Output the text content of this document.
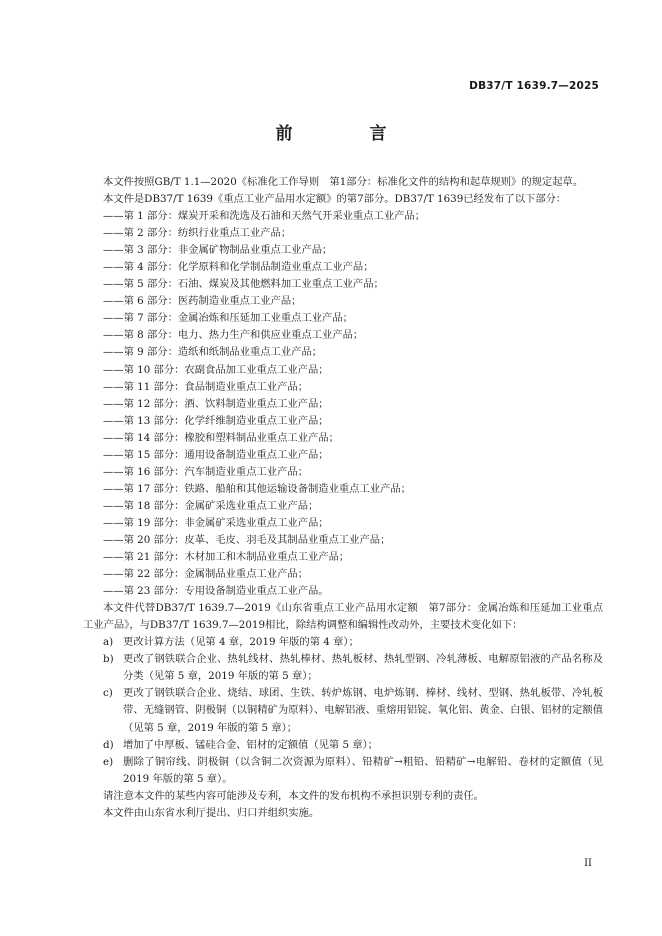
DB37/T 1639.7—2025
前　言

本文件按照GB/T 1.1—2020《标准化工作导则　第1部分：标准化文件的结构和起草规则》的规定起草。

本文件是DB37/T 1639《重点工业产品用水定额》的第7部分。DB37/T 1639已经发布了以下部分：

——第 1 部分：煤炭开采和洗选及石油和天然气开采业重点工业产品；

——第 2 部分：纺织行业重点工业产品；

——第 3 部分：非金属矿物制品业重点工业产品；

——第 4 部分：化学原料和化学制品制造业重点工业产品；

——第 5 部分：石油、煤炭及其他燃料加工业重点工业产品；

——第 6 部分：医药制造业重点工业产品；

——第 7 部分：金属冶炼和压延加工业重点工业产品；

——第 8 部分：电力、热力生产和供应业重点工业产品；

——第 9 部分：造纸和纸制品业重点工业产品；

——第 10 部分：农副食品加工业重点工业产品；

——第 11 部分：食品制造业重点工业产品；

——第 12 部分：酒、饮料制造业重点工业产品；

——第 13 部分：化学纤维制造业重点工业产品；

——第 14 部分：橡胶和塑料制品业重点工业产品；

——第 15 部分：通用设备制造业重点工业产品；

——第 16 部分：汽车制造业重点工业产品；

——第 17 部分：铁路、船舶和其他运输设备制造业重点工业产品；

——第 18 部分：金属矿采选业重点工业产品；

——第 19 部分：非金属矿采选业重点工业产品；

——第 20 部分：皮革、毛皮、羽毛及其制品业重点工业产品；

——第 21 部分：木材加工和木制品业重点工业产品；

——第 22 部分：金属制品业重点工业产品；

——第 23 部分：专用设备制造业重点工业产品。

本文件代替DB37/T 1639.7—2019《山东省重点工业产品用水定额　第7部分：金属冶炼和压延加工业重点工业产品》，与DB37/T 1639.7—2019相比，除结构调整和编辑性改动外，主要技术变化如下：

a) 更改计算方法（见第 4 章，2019 年版的第 4 章）；
b) 更改了钢铁联合企业、热轧线材、热轧棒材、热轧板材、热轧型钢、冷轧薄板、电解原铝液的产品名称及分类（见第 5 章，2019 年版的第 5 章）；
c) 更改了钢铁联合企业、烧结、球团、生铁、转炉炼钢、电炉炼钢、棒材、线材、型钢、热轧板带、冷轧板带、无缝钢管、阴极铜（以铜精矿为原料）、电解铝液、重熔用铝锭、氧化铝、黄金、白银、铝材的定额值（见第 5 章，2019 年版的第 5 章）；
d) 增加了中厚板、锰硅合金、铝材的定额值（见第 5 章）；
e) 删除了铜帘线、阴极铜（以含铜二次资源为原料）、铅精矿→粗铅、铅精矿→电解铅、卷材的定额值（见 2019 年版的第 5 章）。

请注意本文件的某些内容可能涉及专利，本文件的发布机构不承担识别专利的责任。

本文件由山东省水利厅提出、归口并组织实施。

II
